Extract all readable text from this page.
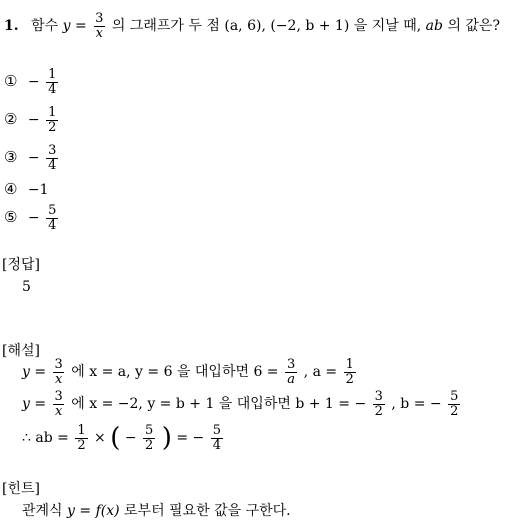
1. 함수 $y = \frac{3}{x}$ 의 그래프가 두 점 (a, 6), (−2, b + 1) 을 지날 때, ab 의 값은?
① − $\frac{1}{4}$
② − $\frac{1}{2}$
③ − $\frac{3}{4}$
④ −1
⑤ − $\frac{5}{4}$
[정답]
5
[해설]
$y = \frac{3}{x}$ 에 x = a, y = 6 을 대입하면 $6 = \frac{3}{a}$ , $a = \frac{1}{2}$
$y = \frac{3}{x}$ 에 x = −2, y = b + 1 을 대입하면 b + 1 = − $\frac{3}{2}$ , b = − $\frac{5}{2}$
∴ ab = $\frac{1}{2}$ × ( − $\frac{5}{2}$ ) = − $\frac{5}{4}$
[힌트]
관계식 y = f(x) 로부터 필요한 값을 구한다.
